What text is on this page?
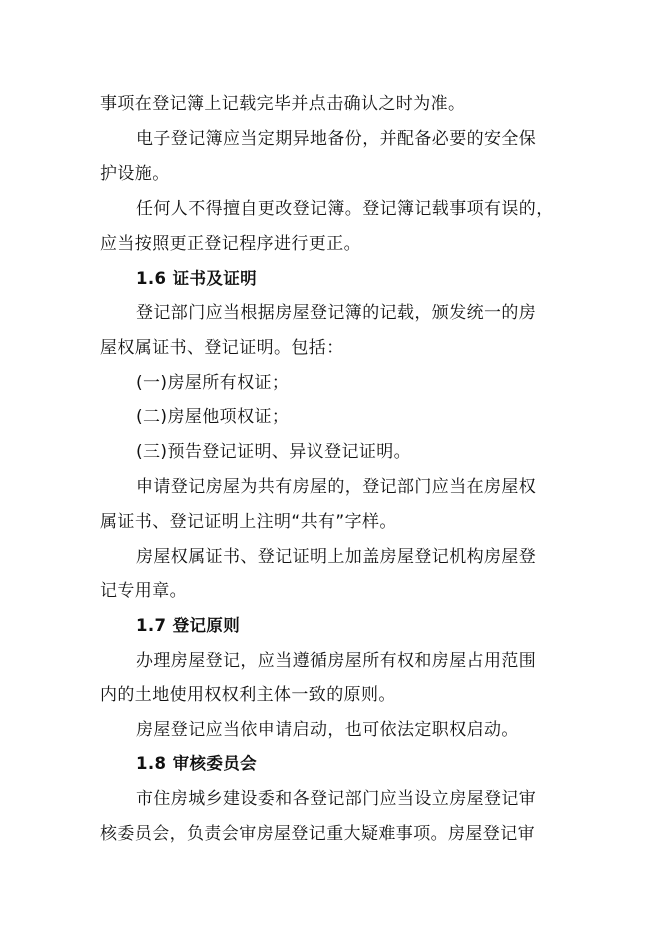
事项在登记簿上记载完毕并点击确认之时为准。
电子登记簿应当定期异地备份，并配备必要的安全保
护设施。
任何人不得擅自更改登记簿。登记簿记载事项有误的，
应当按照更正登记程序进行更正。
1.6 证书及证明
登记部门应当根据房屋登记簿的记载，颁发统一的房
屋权属证书、登记证明。包括：
(一)房屋所有权证；
(二)房屋他项权证；
(三)预告登记证明、异议登记证明。
申请登记房屋为共有房屋的，登记部门应当在房屋权
属证书、登记证明上注明“共有”字样。
房屋权属证书、登记证明上加盖房屋登记机构房屋登
记专用章。
1.7 登记原则
办理房屋登记，应当遵循房屋所有权和房屋占用范围
内的土地使用权权利主体一致的原则。
房屋登记应当依申请启动，也可依法定职权启动。
1.8 审核委员会
市住房城乡建设委和各登记部门应当设立房屋登记审
核委员会，负责会审房屋登记重大疑难事项。房屋登记审
